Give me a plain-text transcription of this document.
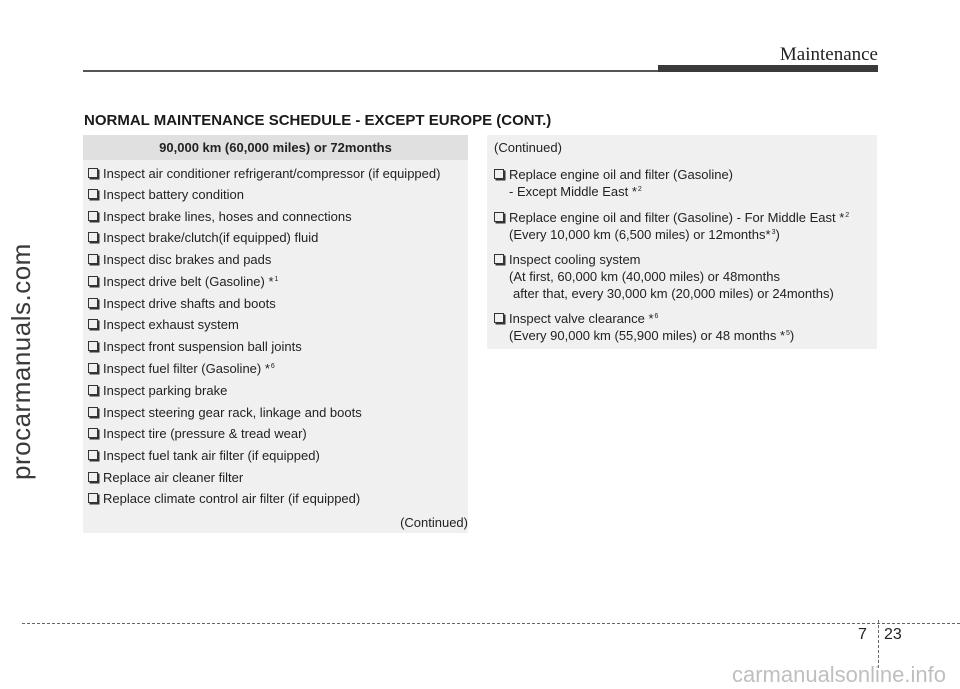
procarmanuals.com
Maintenance
NORMAL MAINTENANCE SCHEDULE - EXCEPT EUROPE (CONT.)
90,000 km (60,000 miles) or 72months
Inspect air conditioner refrigerant/compressor (if equipped)
Inspect battery condition
Inspect brake lines, hoses and connections
Inspect brake/clutch(if equipped) fluid
Inspect disc brakes and pads
Inspect drive belt (Gasoline) *$^1$
Inspect drive shafts and boots
Inspect exhaust system
Inspect front suspension ball joints
Inspect fuel filter (Gasoline) *$^6$
Inspect parking brake
Inspect steering gear rack, linkage and boots
Inspect tire (pressure & tread wear)
Inspect fuel tank air filter (if equipped)
Replace air cleaner filter
Replace climate control air filter (if equipped)
(Continued)
(Continued)
Replace engine oil and filter (Gasoline)
- Except Middle East *$^2$
Replace engine oil and filter (Gasoline) - For Middle East *$^2$
(Every 10,000 km (6,500 miles) or 12months*$^3$)
Inspect cooling system
(At first, 60,000 km (40,000 miles) or 48months
after that, every 30,000 km (20,000 miles) or 24months)
Inspect valve clearance *$^6$
(Every 90,000 km (55,900 miles) or 48 months *$^5$)
7 23
carmanualsonline.info
